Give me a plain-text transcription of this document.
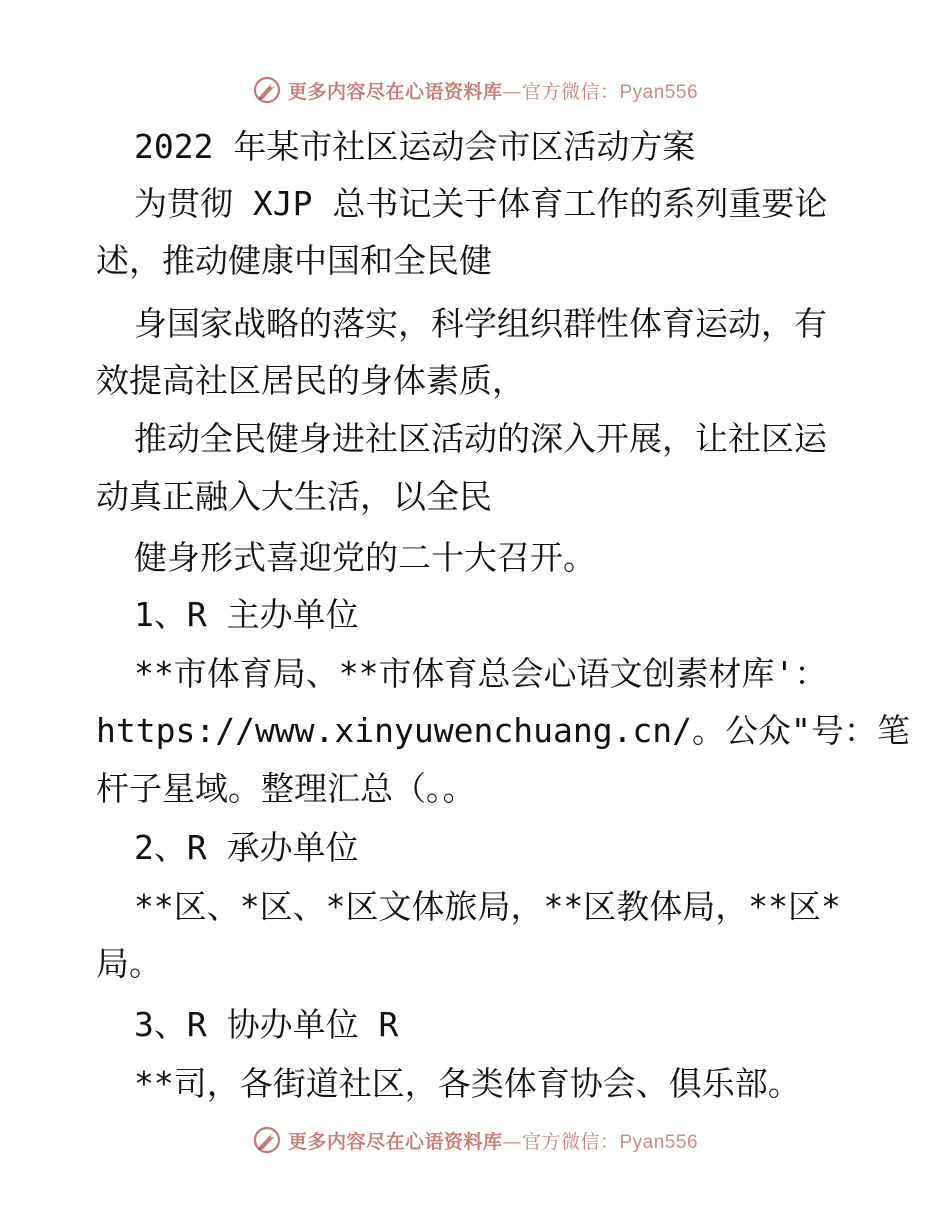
更多内容尽在心语资料库—官方微信：Pyan556
2022 年某市社区运动会市区活动方案
为贯彻 XJP 总书记关于体育工作的系列重要论
述，推动健康中国和全民健
身国家战略的落实，科学组织群性体育运动，有
效提高社区居民的身体素质，
推动全民健身进社区活动的深入开展，让社区运
动真正融入大生活，以全民
健身形式喜迎党的二十大召开。
1、R 主办单位
**市体育局、**市体育总会心语文创素材库'：
https://www.xinyuwenchuang.cn/。公众"号：笔
杆子星域。整理汇总（。。
2、R 承办单位
**区、*区、*区文体旅局，**区教体局，**区*
局。
3、R 协办单位 R
**司，各街道社区，各类体育协会、俱乐部。
更多内容尽在心语资料库—官方微信：Pyan556
